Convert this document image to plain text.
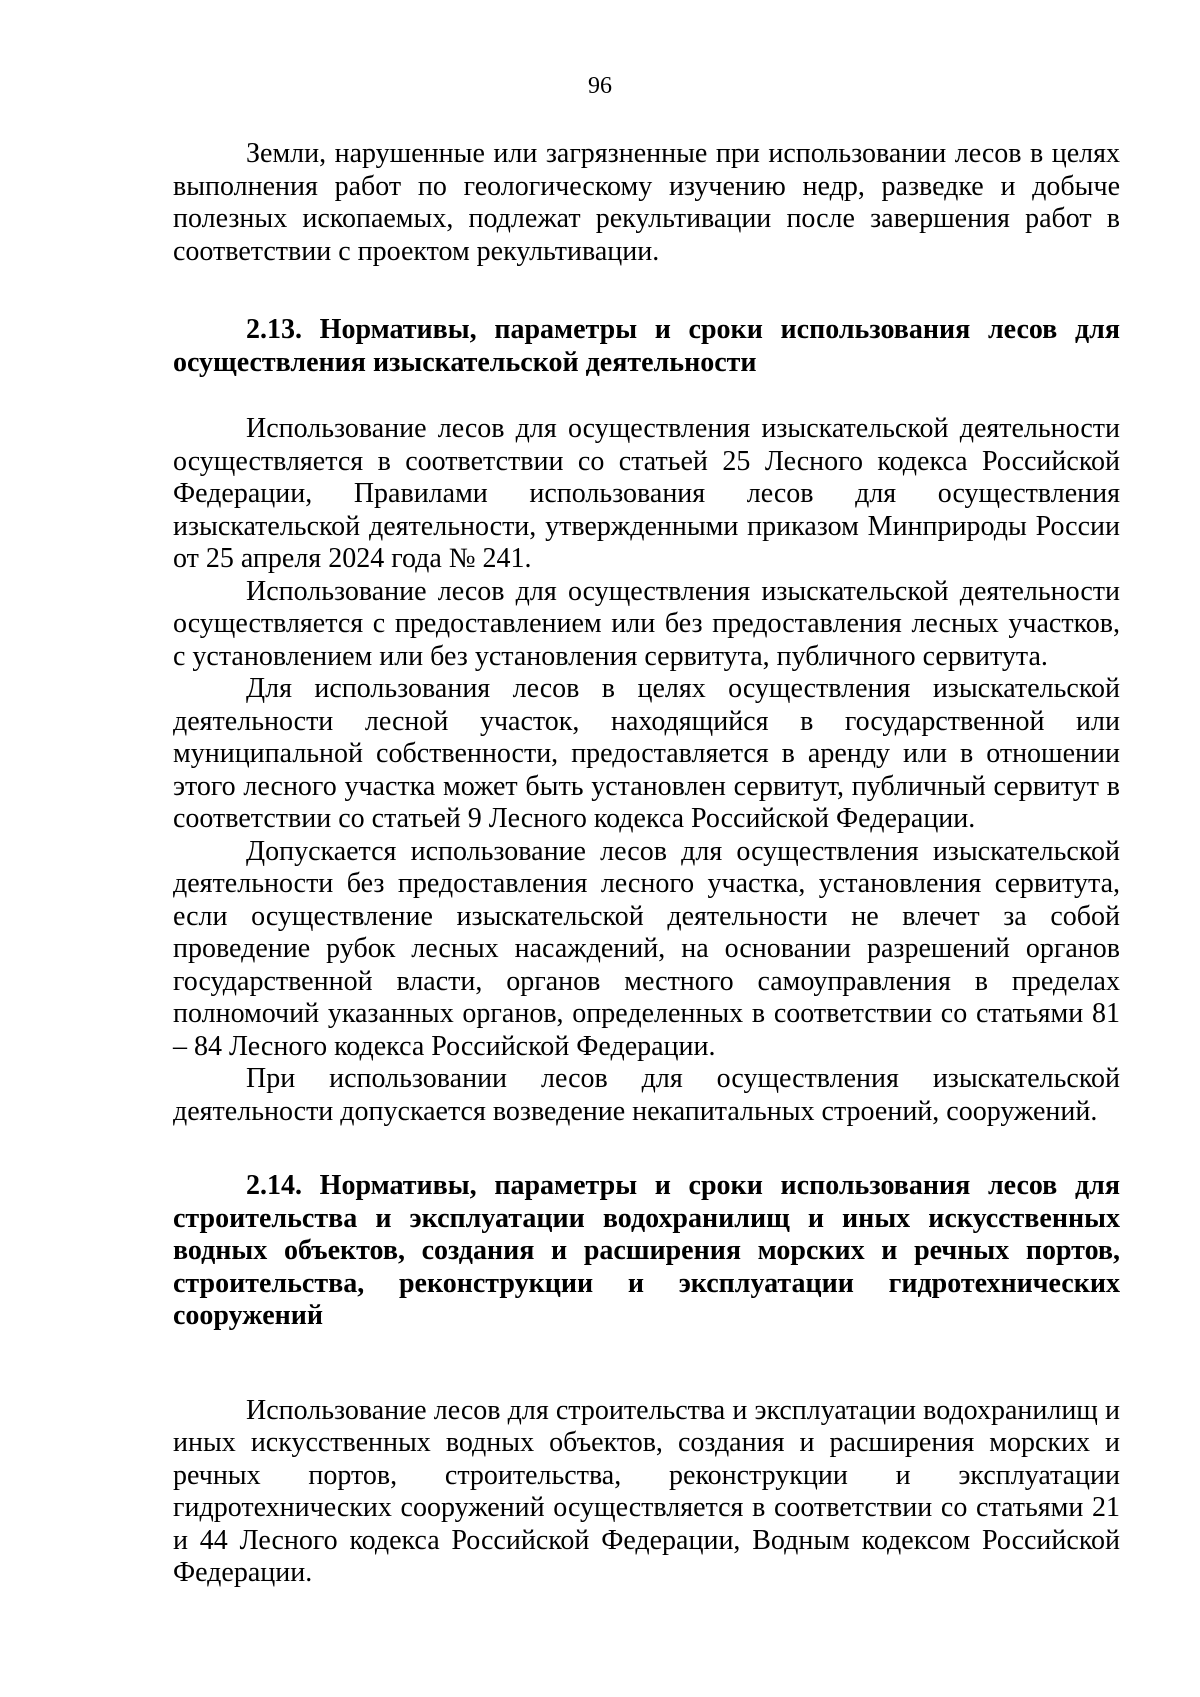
96

Земли, нарушенные или загрязненные при использовании лесов в целях выполнения работ по геологическому изучению недр, разведке и добыче полезных ископаемых, подлежат рекультивации после завершения работ в соответствии с проектом рекультивации.

2.13. Нормативы, параметры и сроки использования лесов для осуществления изыскательской деятельности

Использование лесов для осуществления изыскательской деятельности осуществляется в соответствии со статьей 25 Лесного кодекса Российской Федерации, Правилами использования лесов для осуществления изыскательской деятельности, утвержденными приказом Минприроды России от 25 апреля 2024 года № 241.

Использование лесов для осуществления изыскательской деятельности осуществляется с предоставлением или без предоставления лесных участков, с установлением или без установления сервитута, публичного сервитута.

Для использования лесов в целях осуществления изыскательской деятельности лесной участок, находящийся в государственной или муниципальной собственности, предоставляется в аренду или в отношении этого лесного участка может быть установлен сервитут, публичный сервитут в соответствии со статьей 9 Лесного кодекса Российской Федерации.

Допускается использование лесов для осуществления изыскательской деятельности без предоставления лесного участка, установления сервитута, если осуществление изыскательской деятельности не влечет за собой проведение рубок лесных насаждений, на основании разрешений органов государственной власти, органов местного самоуправления в пределах полномочий указанных органов, определенных в соответствии со статьями 81 – 84 Лесного кодекса Российской Федерации.

При использовании лесов для осуществления изыскательской деятельности допускается возведение некапитальных строений, сооружений.

2.14. Нормативы, параметры и сроки использования лесов для строительства и эксплуатации водохранилищ и иных искусственных водных объектов, создания и расширения морских и речных портов, строительства, реконструкции и эксплуатации гидротехнических сооружений

Использование лесов для строительства и эксплуатации водохранилищ и иных искусственных водных объектов, создания и расширения морских и речных портов, строительства, реконструкции и эксплуатации гидротехнических сооружений осуществляется в соответствии со статьями 21 и 44 Лесного кодекса Российской Федерации, Водным кодексом Российской Федерации.
